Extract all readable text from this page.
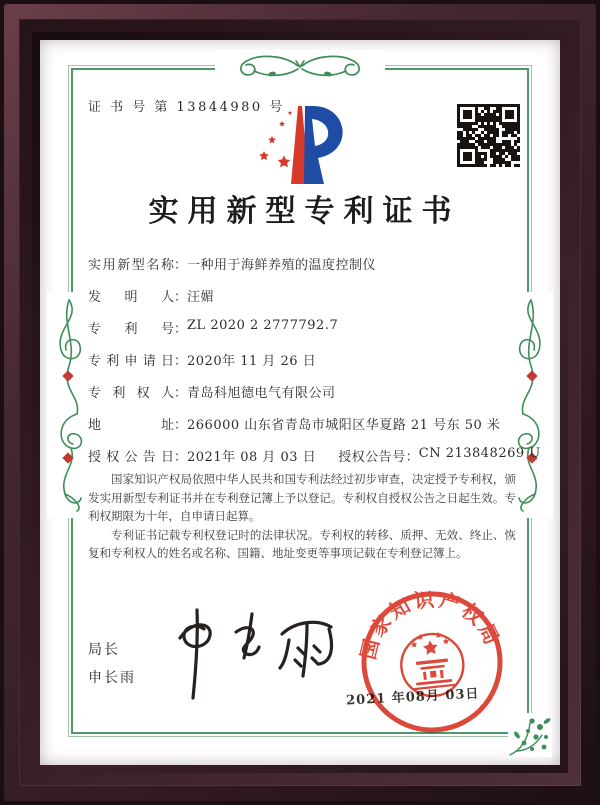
证 书 号 第 13844980 号
实用新型专利证书
实用新型名称：一种用于海鲜养殖的温度控制仪
发明人：汪媚
专利号：ZL 2020 2 2777792.7
专利申请日：2020年 11 月 26 日
专利权人：青岛科旭德电气有限公司
地址：266000 山东省青岛市城阳区华夏路 21 号东 50 米
授权公告日：2021年 08 月 03 日 授权公告号：CN 213848269 U

国家知识产权局依照中华人民共和国专利法经过初步审查，决定授予专利权，颁发实用新型专利证书并在专利登记簿上予以登记。专利权自授权公告之日起生效。专利权期限为十年，自申请日起算。

专利证书记载专利权登记时的法律状况。专利权的转移、质押、无效、终止、恢复和专利权人的姓名或名称、国籍、地址变更等事项记载在专利登记簿上。

局长
申长雨
2021 年08月 03日
国家知识产权局
